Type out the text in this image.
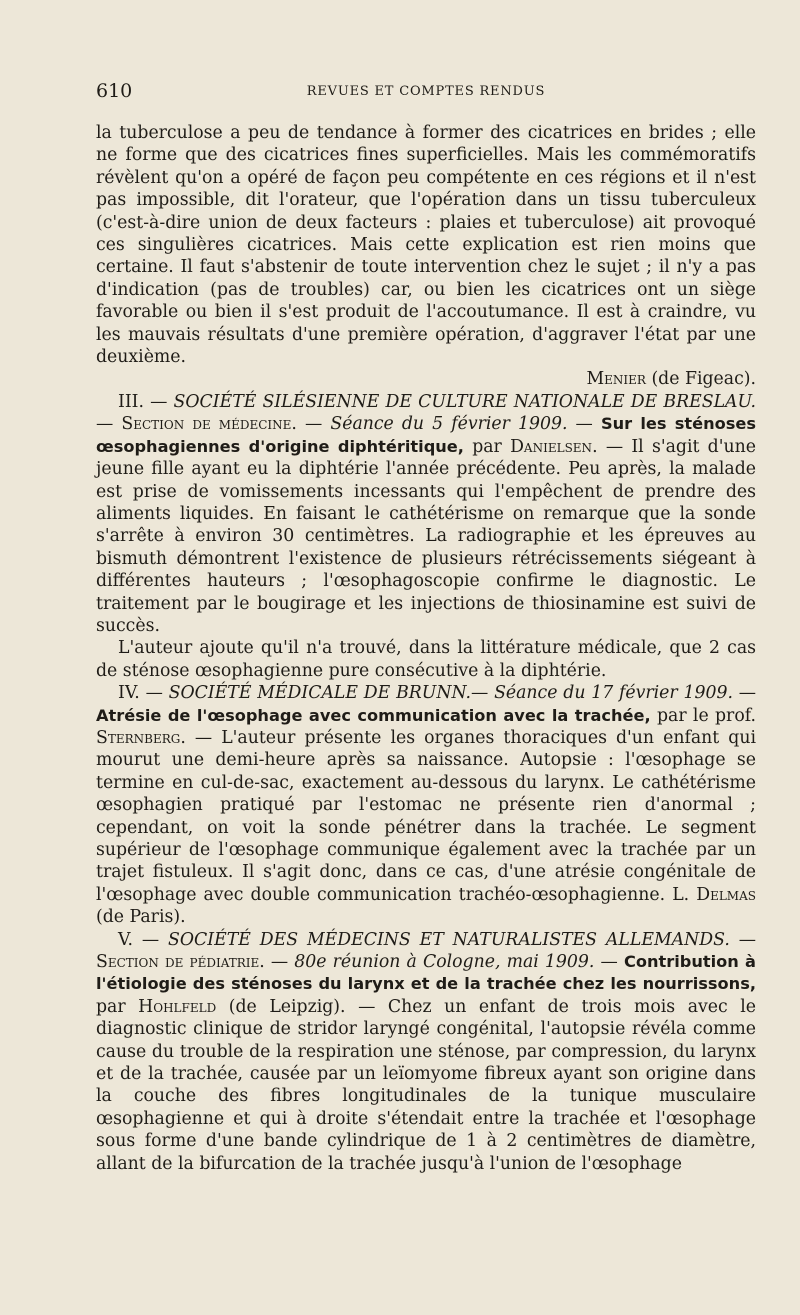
610	REVUES ET COMPTES RENDUS

la tuberculose a peu de tendance à former des cicatrices en brides ; elle ne forme que des cicatrices fines superficielles. Mais les commémoratifs révèlent qu'on a opéré de façon peu compétente en ces régions et il n'est pas impossible, dit l'orateur, que l'opération dans un tissu tuberculeux (c'est-à-dire union de deux facteurs : plaies et tuberculose) ait provoqué ces singulières cicatrices. Mais cette explication est rien moins que certaine. Il faut s'abstenir de toute intervention chez le sujet ; il n'y a pas d'indication (pas de troubles) car, ou bien les cicatrices ont un siège favorable ou bien il s'est produit de l'accoutumance. Il est à craindre, vu les mauvais résultats d'une première opération, d'aggraver l'état par une deuxième.

Menier (de Figeac).

III. — SOCIÉTÉ SILÉSIENNE DE CULTURE NATIONALE DE BRESLAU. — Section de médecine. — Séance du 5 février 1909. — Sur les sténoses œsophagiennes d'origine diphtéritique, par Danielsen. — Il s'agit d'une jeune fille ayant eu la diphtérie l'année précédente. Peu après, la malade est prise de vomissements incessants qui l'empêchent de prendre des aliments liquides. En faisant le cathétérisme on remarque que la sonde s'arrête à environ 30 centimètres. La radiographie et les épreuves au bismuth démontrent l'existence de plusieurs rétrécissements siégeant à différentes hauteurs ; l'œsophagoscopie confirme le diagnostic. Le traitement par le bougirage et les injections de thiosinamine est suivi de succès.

L'auteur ajoute qu'il n'a trouvé, dans la littérature médicale, que 2 cas de sténose œsophagienne pure consécutive à la diphtérie.

IV. — SOCIÉTÉ MÉDICALE DE BRUNN.— Séance du 17 février 1909. — Atrésie de l'œsophage avec communication avec la trachée, par le prof. Sternberg. — L'auteur présente les organes thoraciques d'un enfant qui mourut une demi-heure après sa naissance. Autopsie : l'œsophage se termine en cul-de-sac, exactement au-dessous du larynx. Le cathétérisme œsophagien pratiqué par l'estomac ne présente rien d'anormal ; cependant, on voit la sonde pénétrer dans la trachée. Le segment supérieur de l'œsophage communique également avec la trachée par un trajet fistuleux. Il s'agit donc, dans ce cas, d'une atrésie congénitale de l'œsophage avec double communication trachéo-œsophagienne. L. Delmas (de Paris).

V. — SOCIÉTÉ DES MÉDECINS ET NATURALISTES ALLEMANDS. — Section de pédiatrie. — 80e réunion à Cologne, mai 1909. — Contribution à l'étiologie des sténoses du larynx et de la trachée chez les nourrissons, par Hohlfeld (de Leipzig). — Chez un enfant de trois mois avec le diagnostic clinique de stridor laryngé congénital, l'autopsie révéla comme cause du trouble de la respiration une sténose, par compression, du larynx et de la trachée, causée par un leïomyome fibreux ayant son origine dans la couche des fibres longitudinales de la tunique musculaire œsophagienne et qui à droite s'étendait entre la trachée et l'œsophage sous forme d'une bande cylindrique de 1 à 2 centimètres de diamètre, allant de la bifurcation de la trachée jusqu'à l'union de l'œsophage
